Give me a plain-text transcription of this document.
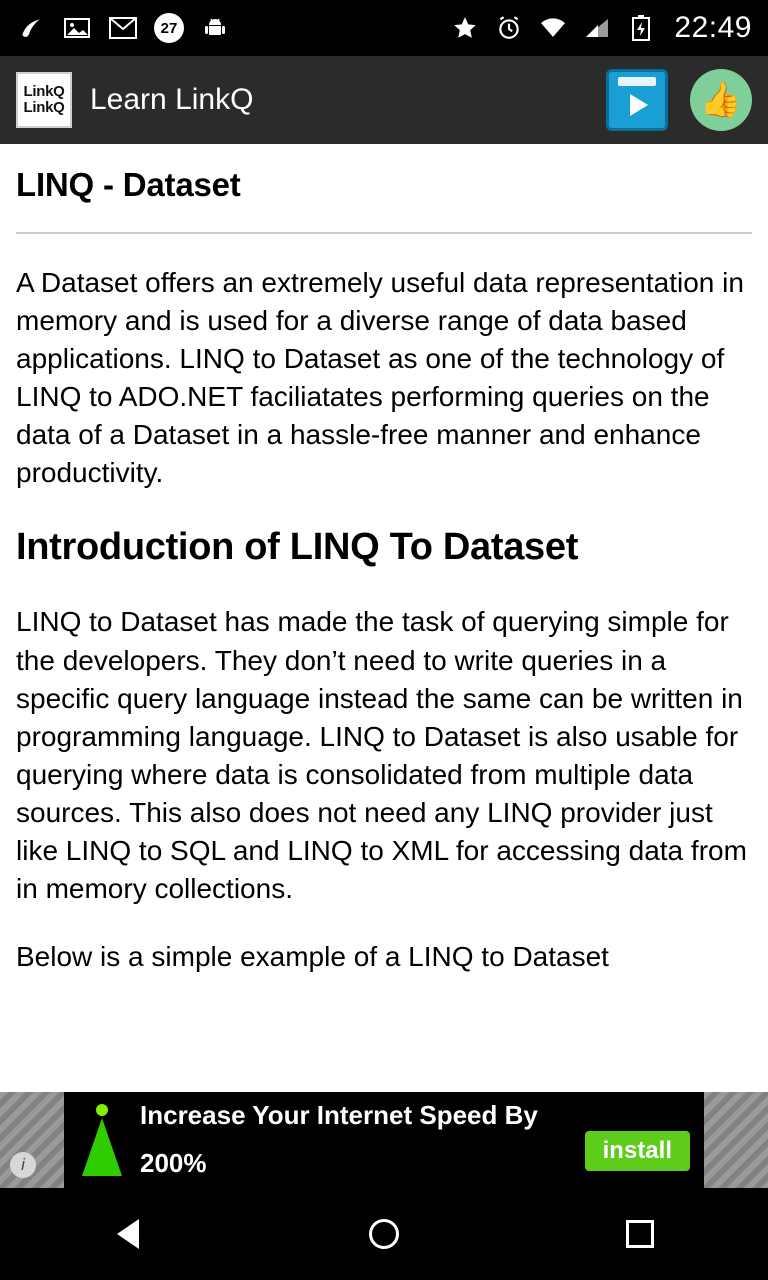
27	22:49
LinkQ
LinkQ Learn LinkQ	👍
LINQ - Dataset

A Dataset offers an extremely useful data representation in memory and is used for a diverse range of data based applications. LINQ to Dataset as one of the technology of LINQ to ADO.NET faciliatates performing queries on the data of a Dataset in a hassle-free manner and enhance productivity.

Introduction of LINQ To Dataset

LINQ to Dataset has made the task of querying simple for the developers. They don’t need to write queries in a specific query language instead the same can be written in programming language. LINQ to Dataset is also usable for querying where data is consolidated from multiple data sources. This also does not need any LINQ provider just like LINQ to SQL and LINQ to XML for accessing data from in memory collections.

Below is a simple example of a LINQ to Dataset

i
Increase Your Internet Speed By
200%	install
